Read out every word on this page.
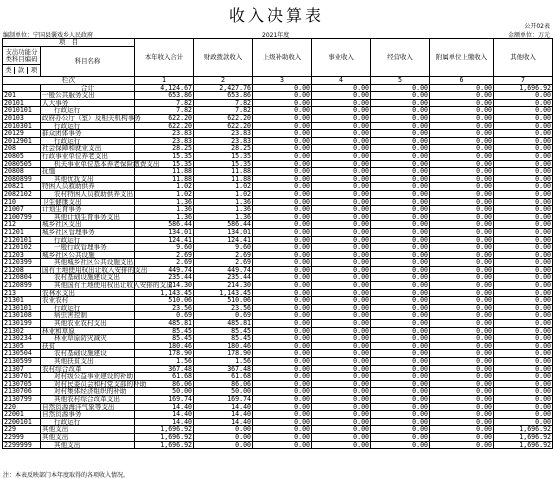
收入决算表
公开02表
编制单位：宁国县囊戏乡人民政府	2021年度	金额单位：万元
项　目		本年收入合计	财政拨款收入	上级补助收入	事业收入	经营收入	附属单位上缴收入	其他收入
支出功能分类科目编码	科目名称							
类 款 项								
栏次		1	2	3	4	5	6	7
	合计	4,124.67	2,427.76	0.00	0.00	0.00	0.00	1,696.92
201	一般公共服务支出	653.86	653.86	0.00	0.00	0.00	0.00	0.00
20101	人大事务	7.82	7.82	0.00	0.00	0.00	0.00	0.00
2010101	行政运行	7.82	7.82	0.00	0.00	0.00	0.00	0.00
20103	政府办公厅（室）及相关机构事务	622.20	622.20	0.00	0.00	0.00	0.00	0.00
2010301	行政运行	622.20	622.20	0.00	0.00	0.00	0.00	0.00
20129	群众团体事务	23.83	23.83	0.00	0.00	0.00	0.00	0.00
2012901	行政运行	23.83	23.83	0.00	0.00	0.00	0.00	0.00
208	社会保障和就业支出	28.25	28.25	0.00	0.00	0.00	0.00	0.00
20805	行政事业单位养老支出	15.35	15.35	0.00	0.00	0.00	0.00	0.00
2080505	机关事业单位基本养老保险缴费支出	15.35	15.35	0.00	0.00	0.00	0.00	0.00
20808	抚恤	11.88	11.88	0.00	0.00	0.00	0.00	0.00
2080899	其他优抚支出	11.88	11.88	0.00	0.00	0.00	0.00	0.00
20821	特困人员救助供养	1.02	1.02	0.00	0.00	0.00	0.00	0.00
2082102	农村特困人员救助供养支出	1.02	1.02	0.00	0.00	0.00	0.00	0.00
210	卫生健康支出	1.36	1.36	0.00	0.00	0.00	0.00	0.00
21007	计划生育事务	1.36	1.36	0.00	0.00	0.00	0.00	0.00
2100799	其他计划生育事务支出	1.36	1.36	0.00	0.00	0.00	0.00	0.00
212	城乡社区支出	586.44	586.44	0.00	0.00	0.00	0.00	0.00
21201	城乡社区管理事务	134.01	134.01	0.00	0.00	0.00	0.00	0.00
2120101	行政运行	124.41	124.41	0.00	0.00	0.00	0.00	0.00
2120102	一般行政管理事务	9.60	9.60	0.00	0.00	0.00	0.00	0.00
21203	城乡社区公共设施	2.69	2.69	0.00	0.00	0.00	0.00	0.00
2120399	其他城乡社区公共设施支出	2.69	2.69	0.00	0.00	0.00	0.00	0.00
21208	国有土地使用权出让收入安排的支出	449.74	449.74	0.00	0.00	0.00	0.00	0.00
2120804	农村基础设施建设支出	235.44	235.44	0.00	0.00	0.00	0.00	0.00
2120899	其他国有土地使用权出让收入安排的支出	214.30	214.30	0.00	0.00	0.00	0.00	0.00
213	农林水支出	1,143.45	1,143.45	0.00	0.00	0.00	0.00	0.00
21301	农业农村	510.06	510.06	0.00	0.00	0.00	0.00	0.00
2130101	行政运行	23.56	23.56	0.00	0.00	0.00	0.00	0.00
2130108	病虫害控制	0.69	0.69	0.00	0.00	0.00	0.00	0.00
2130199	其他农业农村支出	485.81	485.81	0.00	0.00	0.00	0.00	0.00
21302	林业和草原	85.45	85.45	0.00	0.00	0.00	0.00	0.00
2130234	林业草原防灾减灾	85.45	85.45	0.00	0.00	0.00	0.00	0.00
21305	扶贫	180.46	180.46	0.00	0.00	0.00	0.00	0.00
2130504	农村基础设施建设	178.90	178.90	0.00	0.00	0.00	0.00	0.00
2130599	其他扶贫支出	1.56	1.56	0.00	0.00	0.00	0.00	0.00
21307	农村综合改革	367.48	367.48	0.00	0.00	0.00	0.00	0.00
2130701	对村级公益事业建设的补助	61.68	61.68	0.00	0.00	0.00	0.00	0.00
2130705	对村民委员会和村党支部的补助	86.06	86.06	0.00	0.00	0.00	0.00	0.00
2130706	对村集体经济组织的补助	50.00	50.00	0.00	0.00	0.00	0.00	0.00
2130799	其他农村综合改革支出	169.74	169.74	0.00	0.00	0.00	0.00	0.00
220	自然资源海洋气象等支出	14.40	14.40	0.00	0.00	0.00	0.00	0.00
22001	自然资源事务	14.40	14.40	0.00	0.00	0.00	0.00	0.00
2200101	行政运行	14.40	14.40	0.00	0.00	0.00	0.00	0.00
229	其他支出	1,696.92	0.00	0.00	0.00	0.00	0.00	1,696.92
22999	其他支出	1,696.92	0.00	0.00	0.00	0.00	0.00	1,696.92
2299999	其他支出	1,696.92	0.00	0.00	0.00	0.00	0.00	1,696.92
注：本表反映部门本年度取得的各项收入情况。
